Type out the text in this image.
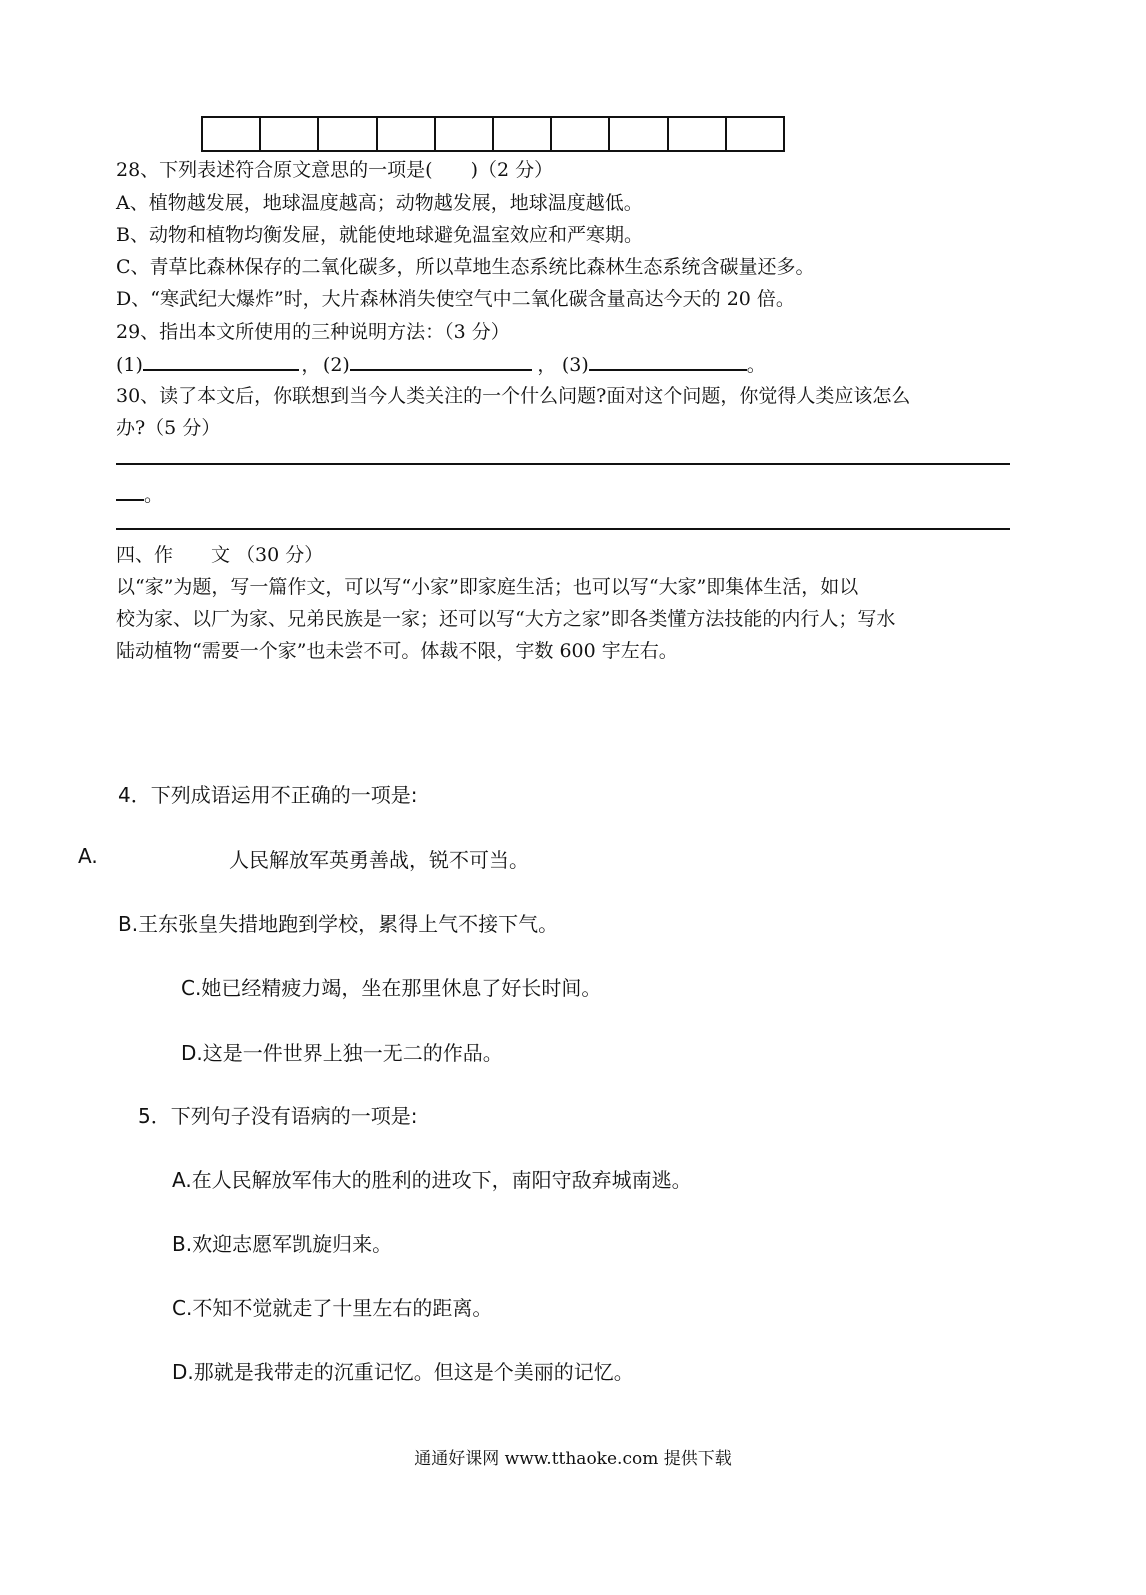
28、下列表述符合原文意思的一项是(　　)（2 分）
A、植物越发展，地球温度越高；动物越发展，地球温度越低。
B、动物和植物均衡发屉，就能使地球避免温室效应和严寒期。
C、青草比森林保存的二氧化碳多，所以草地生态系统比森林生态系统含碳量还多。
D、“寒武纪大爆炸”时，大片森林消失使空气中二氧化碳含量高达今天的 20 倍。
29、指出本文所使用的三种说明方法：（3 分）
(1)	， (2)	， (3)	。
30、读了本文后，你联想到当今人类关注的一个什么问题?面对这个问题，你觉得人类应该怎么
办?（5 分）
。
四、作　　文 （30 分）
以“家”为题，写一篇作文，可以写“小家”即家庭生活；也可以写“大家”即集体生活，如以
校为家、以厂为家、兄弟民族是一家；还可以写“大方之家”即各类懂方法技能的内行人；写水
陆动植物“需要一个家”也未尝不可。体裁不限，宇数 600 宇左右。
4．下列成语运用不正确的一项是:
A.	人民解放军英勇善战，锐不可当。
B.王东张皇失措地跑到学校，累得上气不接下气。
C.她已经精疲力竭，坐在那里休息了好长时间。
D.这是一件世界上独一无二的作品。
5．下列句子没有语病的一项是:
A.在人民解放军伟大的胜利的进攻下，南阳守敌弃城南逃。
B.欢迎志愿军凯旋归来。
C.不知不觉就走了十里左右的距离。
D.那就是我带走的沉重记忆。但这是个美丽的记忆。
通通好课网 www.tthaoke.com 提供下载
